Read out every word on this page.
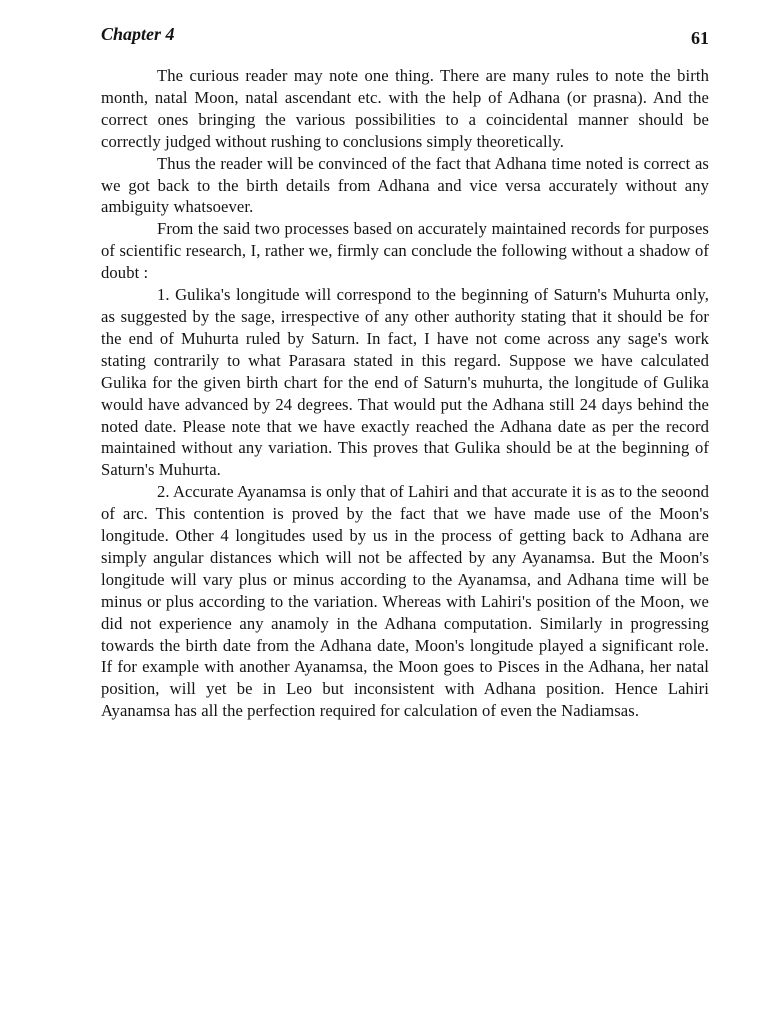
Chapter 4	61

The curious reader may note one thing. There are many rules to note the birth month, natal Moon, natal ascendant etc. with the help of Adhana (or prasna). And the correct ones bringing the various possibilities to a coincidental manner should be correctly judged without rushing to conclusions simply theoretically.

Thus the reader will be convinced of the fact that Adhana time noted is correct as we got back to the birth details from Adhana and vice versa accurately without any ambiguity whatsoever.

From the said two processes based on accurately maintained records for purposes of scientific research, I, rather we, firmly can conclude the following without a shadow of doubt :

1. Gulika's longitude will correspond to the beginning of Saturn's Muhurta only, as suggested by the sage, irrespective of any other authority stating that it should be for the end of Muhurta ruled by Saturn. In fact, I have not come across any sage's work stating contrarily to what Parasara stated in this regard. Suppose we have calculated Gulika for the given birth chart for the end of Saturn's muhurta, the longitude of Gulika would have advanced by 24 degrees. That would put the Adhana still 24 days behind the noted date. Please note that we have exactly reached the Adhana date as per the record maintained without any variation. This proves that Gulika should be at the beginning of Saturn's Muhurta.

2. Accurate Ayanamsa is only that of Lahiri and that accurate it is as to the seoond of arc. This contention is proved by the fact that we have made use of the Moon's longitude. Other 4 longitudes used by us in the process of getting back to Adhana are simply angular distances which will not be affected by any Ayanamsa. But the Moon's longitude will vary plus or minus according to the Ayanamsa, and Adhana time will be minus or plus according to the variation. Whereas with Lahiri's position of the Moon, we did not experience any anamoly in the Adhana computation. Similarly in progressing towards the birth date from the Adhana date, Moon's longitude played a significant role. If for example with another Ayanamsa, the Moon goes to Pisces in the Adhana, her natal position, will yet be in Leo but inconsistent with Adhana position. Hence Lahiri Ayanamsa has all the perfection required for calculation of even the Nadiamsas.
